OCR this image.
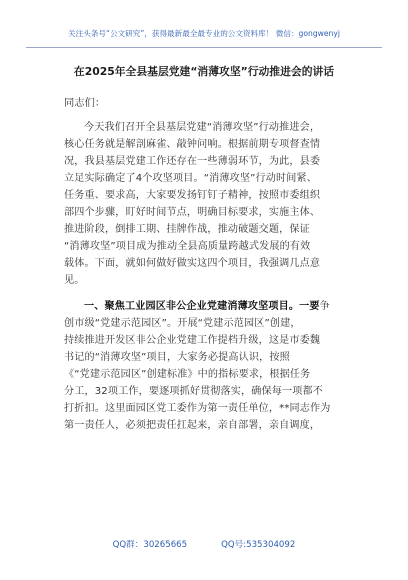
关注头条号“公文研究”，获得最新最全最专业的公文资料库！ 微信：gongwenyj
在2025年全县基层党建“消薄攻坚”行动推进会的讲话
同志们：
今天我们召开全县基层党建“消薄攻坚”行动推进会，
核心任务就是解剖麻雀、敲钟问响。根据前期专项督查情
况，我县基层党建工作还存在一些薄弱环节，为此，县委
立足实际确定了4个攻坚项目。“消薄攻坚”行动时间紧、
任务重、要求高，大家要发扬钉钉子精神，按照市委组织
部四个步骤，盯好时间节点，明确目标要求，实施主体、
推进阶段，倒排工期、挂牌作战，推动破题交题，保证
“消薄攻坚”项目成为推动全县高质量跨越式发展的有效
载体。下面，就如何做好做实这四个项目，我强调几点意
见。
一、聚焦工业园区非公企业党建消薄攻坚项目。一要争
创市级“党建示范园区”。开展“党建示范园区”创建，
持续推进开发区非公企业党建工作提档升级，这是市委魏
书记的“消薄攻坚”项目，大家务必提高认识，按照
《“党建示范园区”创建标准》中的指标要求，根据任务
分工，32项工作，要逐项抓好贯彻落实，确保每一项都不
打折扣。这里面园区党工委作为第一责任单位，**同志作为
第一责任人，必须把责任扛起来，亲自部署，亲自调度，
QQ群：30265665	QQ号:535304092
